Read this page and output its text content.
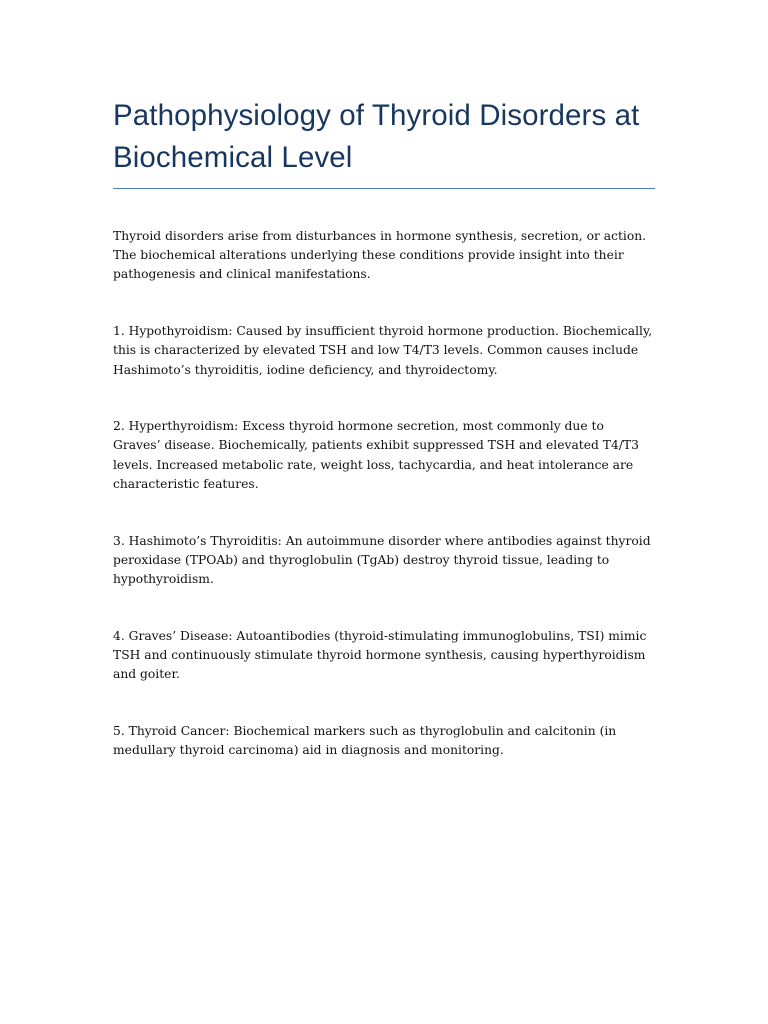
Pathophysiology of Thyroid Disorders at Biochemical Level

Thyroid disorders arise from disturbances in hormone synthesis, secretion, or action. The biochemical alterations underlying these conditions provide insight into their pathogenesis and clinical manifestations.

1. Hypothyroidism: Caused by insufficient thyroid hormone production. Biochemically, this is characterized by elevated TSH and low T4/T3 levels. Common causes include Hashimoto’s thyroiditis, iodine deficiency, and thyroidectomy.

2. Hyperthyroidism: Excess thyroid hormone secretion, most commonly due to Graves’ disease. Biochemically, patients exhibit suppressed TSH and elevated T4/T3 levels. Increased metabolic rate, weight loss, tachycardia, and heat intolerance are characteristic features.

3. Hashimoto’s Thyroiditis: An autoimmune disorder where antibodies against thyroid peroxidase (TPOAb) and thyroglobulin (TgAb) destroy thyroid tissue, leading to hypothyroidism.

4. Graves’ Disease: Autoantibodies (thyroid-stimulating immunoglobulins, TSI) mimic TSH and continuously stimulate thyroid hormone synthesis, causing hyperthyroidism and goiter.

5. Thyroid Cancer: Biochemical markers such as thyroglobulin and calcitonin (in medullary thyroid carcinoma) aid in diagnosis and monitoring.
